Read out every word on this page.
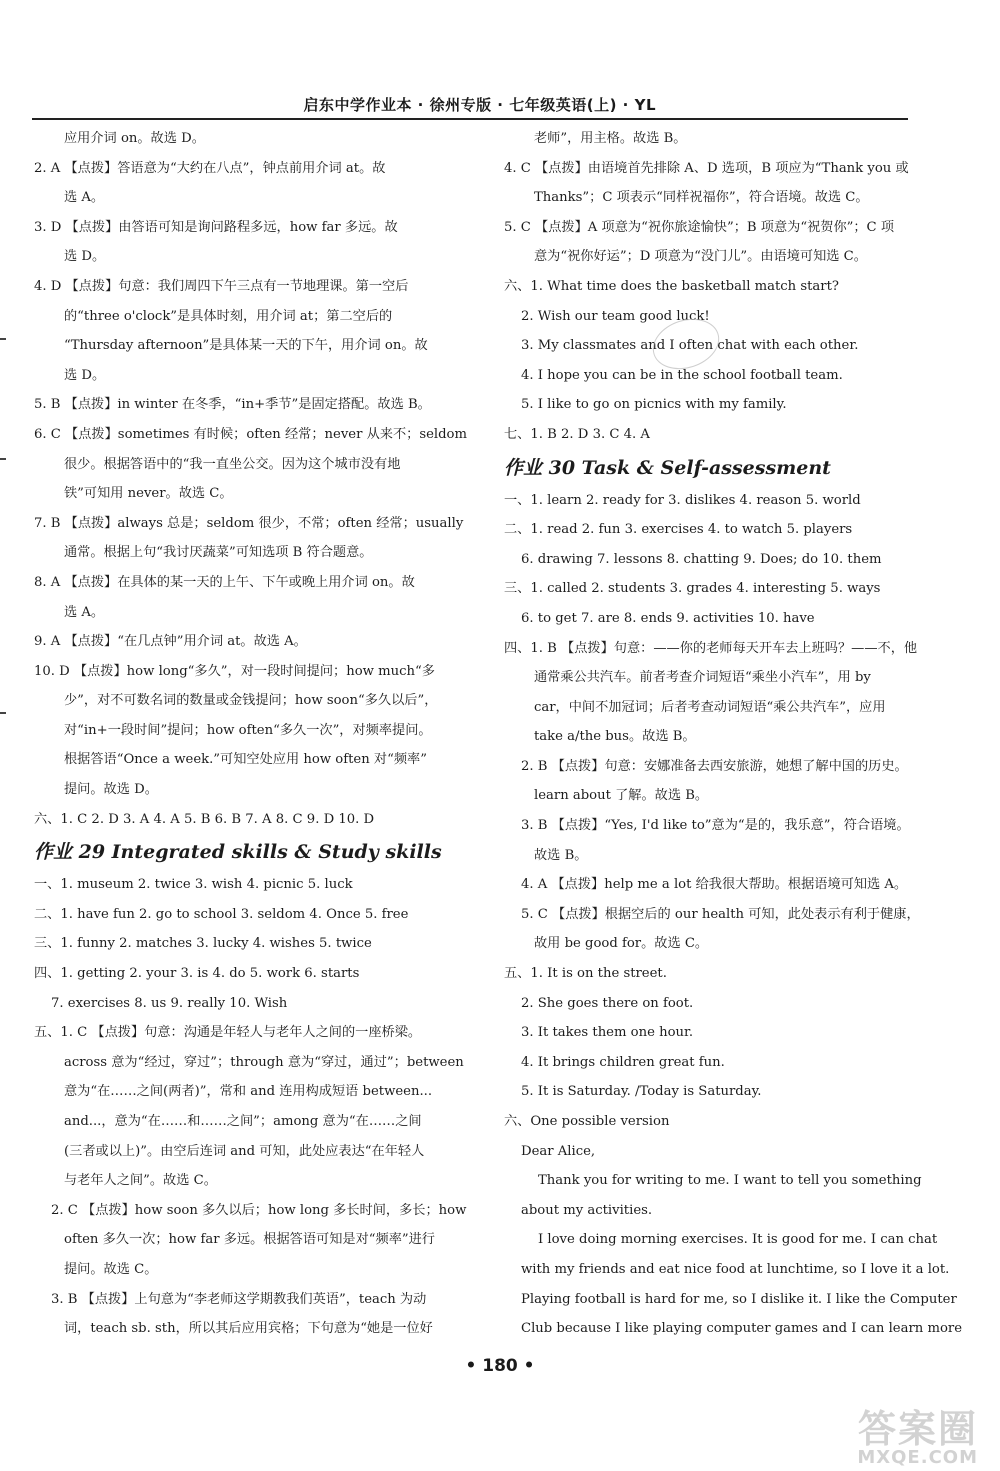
启东中学作业本 · 徐州专版 · 七年级英语(上) · YL
应用介词 on。故选 D。
2. A 【点拨】答语意为“大约在八点”，钟点前用介词 at。故
选 A。
3. D 【点拨】由答语可知是询问路程多远，how far 多远。故
选 D。
4. D 【点拨】句意：我们周四下午三点有一节地理课。第一空后
的“three o'clock”是具体时刻，用介词 at；第二空后的
“Thursday afternoon”是具体某一天的下午，用介词 on。故
选 D。
5. B 【点拨】in winter 在冬季，“in+季节”是固定搭配。故选 B。
6. C 【点拨】sometimes 有时候；often 经常；never 从来不；seldom
很少。根据答语中的“我一直坐公交。因为这个城市没有地
铁”可知用 never。故选 C。
7. B 【点拨】always 总是；seldom 很少，不常；often 经常；usually
通常。根据上句“我讨厌蔬菜”可知选项 B 符合题意。
8. A 【点拨】在具体的某一天的上午、下午或晚上用介词 on。故
选 A。
9. A 【点拨】“在几点钟”用介词 at。故选 A。
10. D 【点拨】how long“多久”，对一段时间提问；how much“多
少”，对不可数名词的数量或金钱提问；how soon“多久以后”，
对“in+一段时间”提问；how often“多久一次”，对频率提问。
根据答语“Once a week.”可知空处应用 how often 对“频率”
提问。故选 D。
六、1. C 2. D 3. A 4. A 5. B 6. B 7. A 8. C 9. D 10. D
作业 29 Integrated skills & Study skills
一、1. museum 2. twice 3. wish 4. picnic 5. luck
二、1. have fun 2. go to school 3. seldom 4. Once 5. free
三、1. funny 2. matches 3. lucky 4. wishes 5. twice
四、1. getting 2. your 3. is 4. do 5. work 6. starts
7. exercises 8. us 9. really 10. Wish
五、1. C 【点拨】句意：沟通是年轻人与老年人之间的一座桥梁。
across 意为“经过，穿过”；through 意为“穿过，通过”；between
意为“在……之间(两者)”，常和 and 连用构成短语 between...
and...，意为“在……和……之间”；among 意为“在……之间
(三者或以上)”。由空后连词 and 可知，此处应表达“在年轻人
与老年人之间”。故选 C。
2. C 【点拨】how soon 多久以后；how long 多长时间，多长；how
often 多久一次；how far 多远。根据答语可知是对“频率”进行
提问。故选 C。
3. B 【点拨】上句意为“李老师这学期教我们英语”，teach 为动
词，teach sb. sth，所以其后应用宾格；下句意为“她是一位好
老师”，用主格。故选 B。
4. C 【点拨】由语境首先排除 A、D 选项，B 项应为“Thank you 或
Thanks”；C 项表示“同样祝福你”，符合语境。故选 C。
5. C 【点拨】A 项意为“祝你旅途愉快”；B 项意为“祝贺你”；C 项
意为“祝你好运”；D 项意为“没门儿”。由语境可知选 C。
六、1. What time does the basketball match start?
2. Wish our team good luck!
3. My classmates and I often chat with each other.
4. I hope you can be in the school football team.
5. I like to go on picnics with my family.
七、1. B 2. D 3. C 4. A
作业 30 Task & Self-assessment
一、1. learn 2. ready for 3. dislikes 4. reason 5. world
二、1. read 2. fun 3. exercises 4. to watch 5. players
6. drawing 7. lessons 8. chatting 9. Does; do 10. them
三、1. called 2. students 3. grades 4. interesting 5. ways
6. to get 7. are 8. ends 9. activities 10. have
四、1. B 【点拨】句意：——你的老师每天开车去上班吗？——不，他
通常乘公共汽车。前者考查介词短语“乘坐小汽车”，用 by
car，中间不加冠词；后者考查动词短语“乘公共汽车”，应用
take a/the bus。故选 B。
2. B 【点拨】句意：安娜准备去西安旅游，她想了解中国的历史。
learn about 了解。故选 B。
3. B 【点拨】“Yes, I'd like to”意为“是的，我乐意”，符合语境。
故选 B。
4. A 【点拨】help me a lot 给我很大帮助。根据语境可知选 A。
5. C 【点拨】根据空后的 our health 可知，此处表示有利于健康，
故用 be good for。故选 C。
五、1. It is on the street.
2. She goes there on foot.
3. It takes them one hour.
4. It brings children great fun.
5. It is Saturday. /Today is Saturday.
六、One possible version
Dear Alice,
Thank you for writing to me. I want to tell you something
about my activities.
I love doing morning exercises. It is good for me. I can chat
with my friends and eat nice food at lunchtime, so I love it a lot.
Playing football is hard for me, so I dislike it. I like the Computer
Club because I like playing computer games and I can learn more
• 180 •
答案圈
MXQE.COM
